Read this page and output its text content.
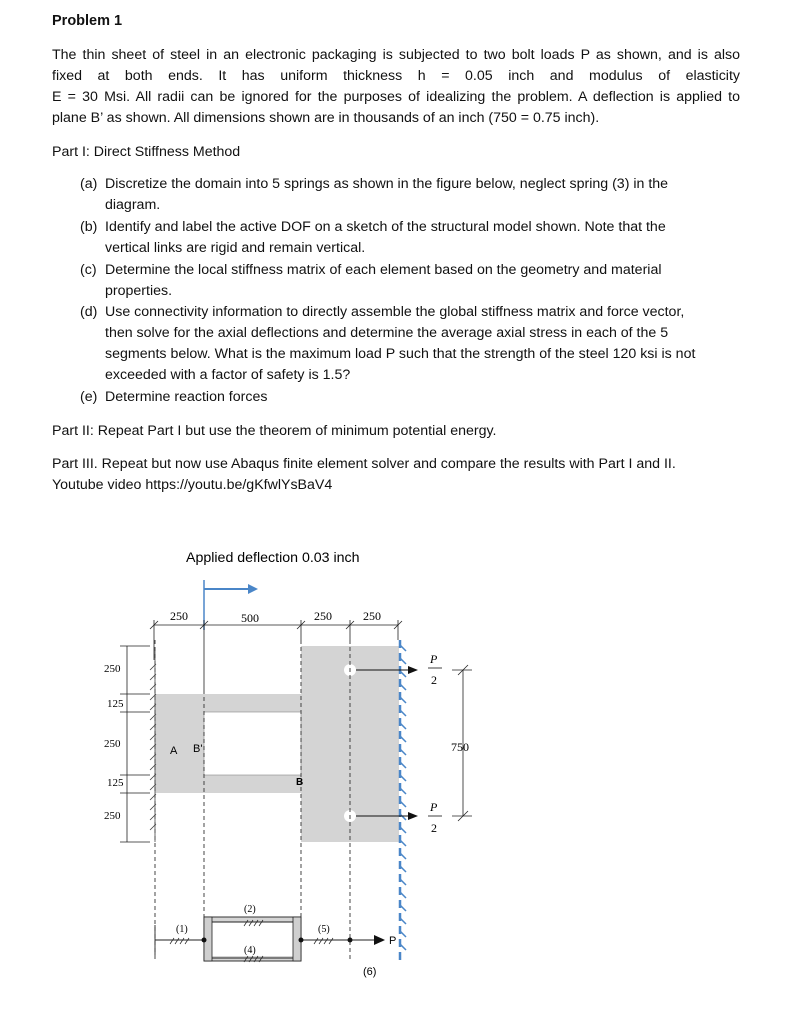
Problem 1
The thin sheet of steel in an electronic packaging is subjected to two bolt loads P as shown, and is also
fixed  at  both  ends.  It  has  uniform  thickness  h  =  0.05  inch  and  modulus  of  elasticity
E = 30 Msi. All radii can be ignored for the purposes of idealizing the problem. A deflection is applied to
plane B’ as shown. All dimensions shown are in thousands of an inch (750 = 0.75 inch).
Part I: Direct Stiffness Method
(a) Discretize the domain into 5 springs as shown in the figure below, neglect spring (3) in the
diagram.
(b) Identify and label the active DOF on a sketch of the structural model shown. Note that the
vertical links are rigid and remain vertical.
(c) Determine the local stiffness matrix of each element based on the geometry and material
properties.
(d) Use connectivity information to directly assemble the global stiffness matrix and force vector,
then solve for the axial deflections and determine the average axial stress in each of the 5
segments below. What is the maximum load P such that the strength of the steel 120 ksi is not
exceeded with a factor of safety is 1.5?
(e) Determine reaction forces
Part II: Repeat Part I but use the theorem of minimum potential energy.
Part III. Repeat but now use Abaqus finite element solver and compare the results with Part I and II.
Youtube video https://youtu.be/gKfwlYsBaV4
Applied deflection 0.03 inch
250	500	250	250
250
125
250
125
250
A B'
B
P
2
P
2
750
P
(1)
(2)
(4)
(5)
(6)
